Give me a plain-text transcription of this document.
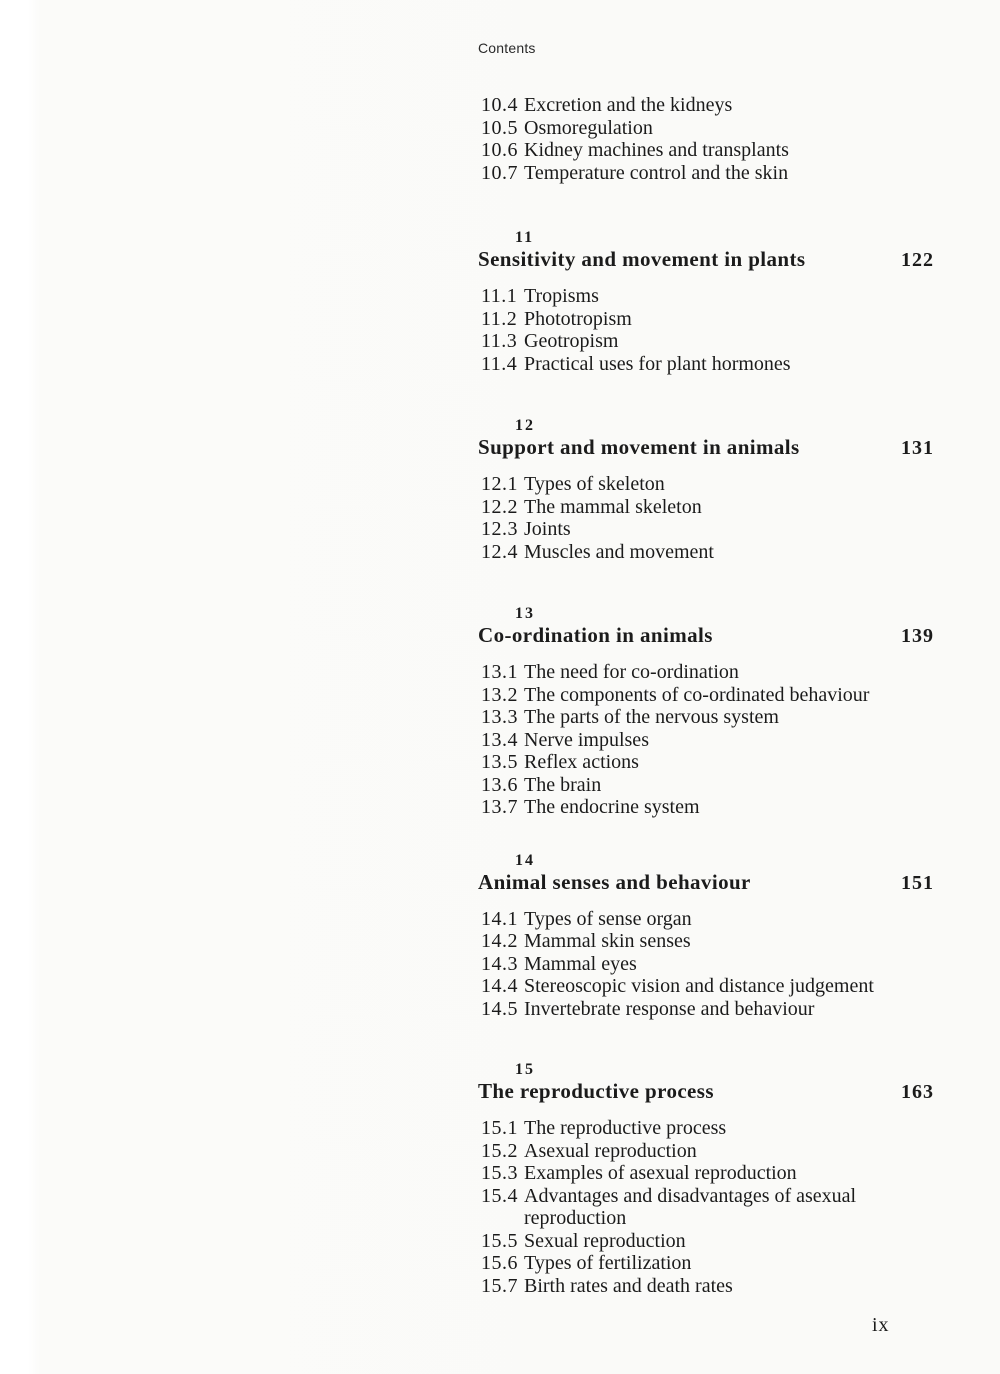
Contents
10.4 Excretion and the kidneys
10.5 Osmoregulation
10.6 Kidney machines and transplants
10.7 Temperature control and the skin
11
Sensitivity and movement in plants	122
11.1 Tropisms
11.2 Phototropism
11.3 Geotropism
11.4 Practical uses for plant hormones
12
Support and movement in animals	131
12.1 Types of skeleton
12.2 The mammal skeleton
12.3 Joints
12.4 Muscles and movement
13
Co-ordination in animals	139
13.1 The need for co-ordination
13.2 The components of co-ordinated behaviour
13.3 The parts of the nervous system
13.4 Nerve impulses
13.5 Reflex actions
13.6 The brain
13.7 The endocrine system
14
Animal senses and behaviour	151
14.1 Types of sense organ
14.2 Mammal skin senses
14.3 Mammal eyes
14.4 Stereoscopic vision and distance judgement
14.5 Invertebrate response and behaviour
15
The reproductive process	163
15.1 The reproductive process
15.2 Asexual reproduction
15.3 Examples of asexual reproduction
15.4 Advantages and disadvantages of asexual reproduction
15.5 Sexual reproduction
15.6 Types of fertilization
15.7 Birth rates and death rates
ix
